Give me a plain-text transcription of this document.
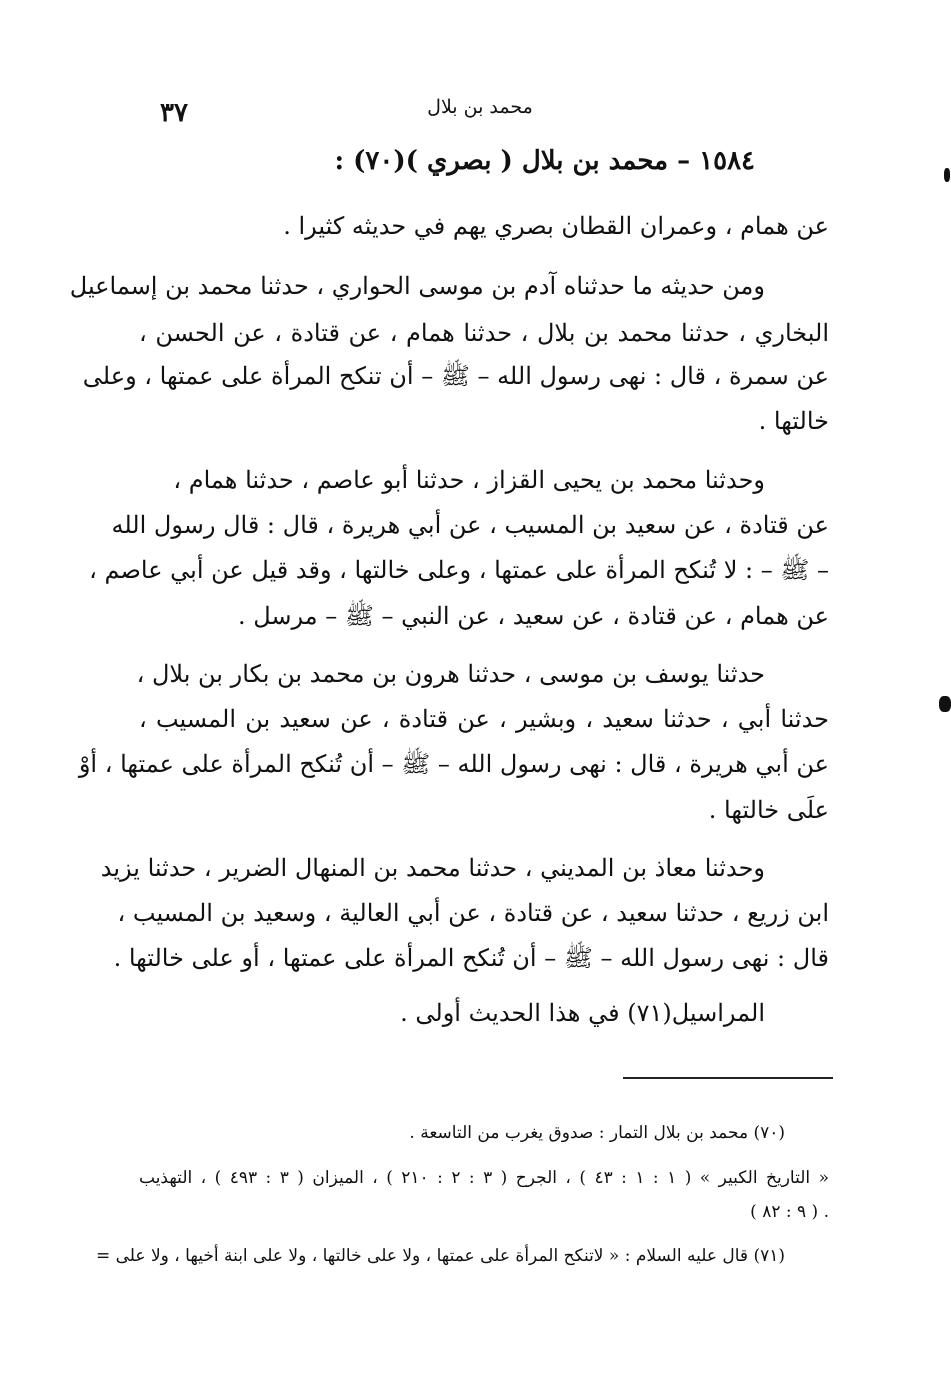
٣٧	محمد بن بلال
١٥٨٤ – محمد بن بلال ( بصري )(٧٠) :
عن همام ، وعمران القطان بصري يهم في حديثه كثيرا .
ومن حديثه ما حدثناه آدم بن موسى الحواري ، حدثنا محمد بن إسماعيل
البخاري ، حدثنا محمد بن بلال ، حدثنا همام ، عن قتادة ، عن الحسن ،
عن سمرة ، قال : نهى رسول الله – ﷺ – أن تنكح المرأة على عمتها ، وعلى
خالتها .
وحدثنا محمد بن يحيى القزاز ، حدثنا أبو عاصم ، حدثنا همام ،
عن قتادة ، عن سعيد بن المسيب ، عن أبي هريرة ، قال : قال رسول الله
– ﷺ – : لا تُنكح المرأة على عمتها ، وعلى خالتها ، وقد قيل عن أبي عاصم ،
عن همام ، عن قتادة ، عن سعيد ، عن النبي – ﷺ – مرسل .
حدثنا يوسف بن موسى ، حدثنا هرون بن محمد بن بكار بن بلال ،
حدثنا أبي ، حدثنا سعيد ، وبشير ، عن قتادة ، عن سعيد بن المسيب ،
عن أبي هريرة ، قال : نهى رسول الله – ﷺ – أن تُنكح المرأة على عمتها ، أوْ
علَى خالتها .
وحدثنا معاذ بن المديني ، حدثنا محمد بن المنهال الضرير ، حدثنا يزيد
ابن زريع ، حدثنا سعيد ، عن قتادة ، عن أبي العالية ، وسعيد بن المسيب ،
قال : نهى رسول الله – ﷺ – أن تُنكح المرأة على عمتها ، أو على خالتها .
المراسيل(٧١) في هذا الحديث أولى .
(٧٠) محمد بن بلال التمار : صدوق يغرب من التاسعة .
« التاريخ الكبير » ( ١ : ١ : ٤٣ ) ، الجرح ( ٣ : ٢ : ٢١٠ ) ، الميزان ( ٣ : ٤٩٣ ) ، التهذيب
( ٩ : ٨٢ ) .
(٧١) قال عليه السلام : « لاتنكح المرأة على عمتها ، ولا على خالتها ، ولا على ابنة أخيها ، ولا على =
